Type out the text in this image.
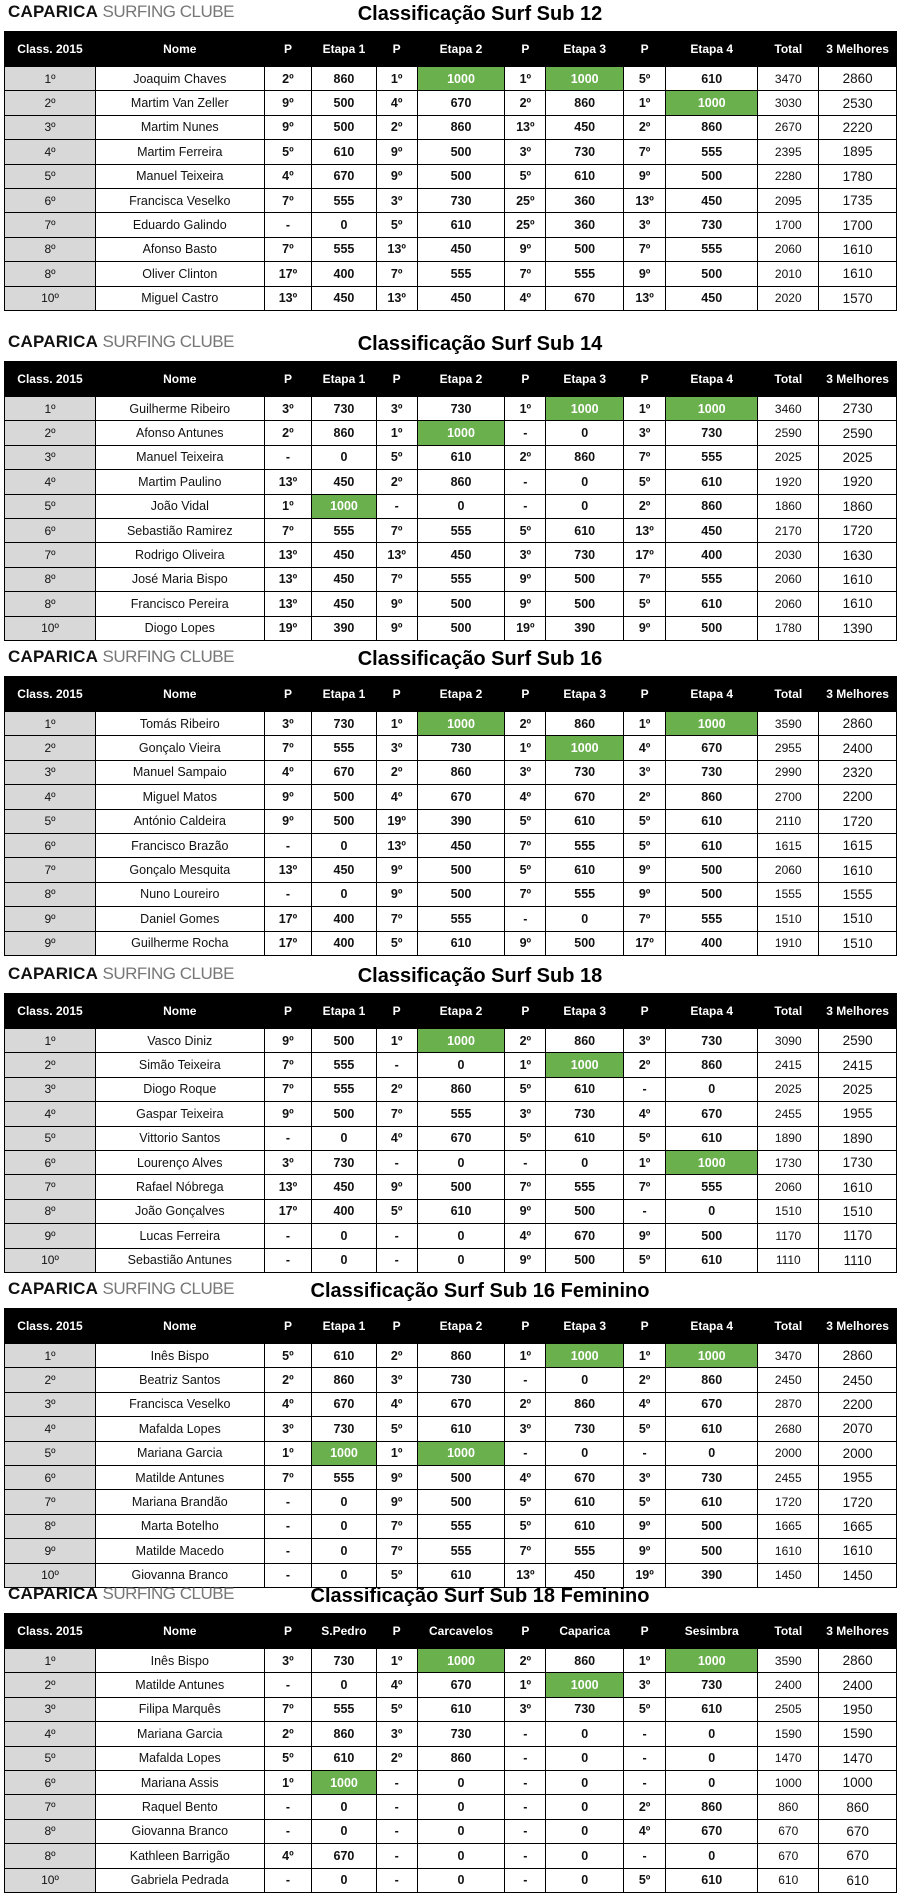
CAPARICA SURFING CLUBE	Classificação Surf Sub 12
Class. 2015	Nome	P	Etapa 1	P	Etapa 2	P	Etapa 3	P	Etapa 4	Total	3 Melhores
1º	Joaquim Chaves	2º	860	1º	1000	1º	1000	5º	610	3470	2860
2º	Martim Van Zeller	9º	500	4º	670	2º	860	1º	1000	3030	2530
3º	Martim Nunes	9º	500	2º	860	13º	450	2º	860	2670	2220
4º	Martim Ferreira	5º	610	9º	500	3º	730	7º	555	2395	1895
5º	Manuel Teixeira	4º	670	9º	500	5º	610	9º	500	2280	1780
6º	Francisca Veselko	7º	555	3º	730	25º	360	13º	450	2095	1735
7º	Eduardo Galindo	-	0	5º	610	25º	360	3º	730	1700	1700
8º	Afonso Basto	7º	555	13º	450	9º	500	7º	555	2060	1610
8º	Oliver Clinton	17º	400	7º	555	7º	555	9º	500	2010	1610
10º	Miguel Castro	13º	450	13º	450	4º	670	13º	450	2020	1570
CAPARICA SURFING CLUBE	Classificação Surf Sub 14
Class. 2015	Nome	P	Etapa 1	P	Etapa 2	P	Etapa 3	P	Etapa 4	Total	3 Melhores
1º	Guilherme Ribeiro	3º	730	3º	730	1º	1000	1º	1000	3460	2730
2º	Afonso Antunes	2º	860	1º	1000	-	0	3º	730	2590	2590
3º	Manuel Teixeira	-	0	5º	610	2º	860	7º	555	2025	2025
4º	Martim Paulino	13º	450	2º	860	-	0	5º	610	1920	1920
5º	João Vidal	1º	1000	-	0	-	0	2º	860	1860	1860
6º	Sebastião Ramirez	7º	555	7º	555	5º	610	13º	450	2170	1720
7º	Rodrigo Oliveira	13º	450	13º	450	3º	730	17º	400	2030	1630
8º	José Maria Bispo	13º	450	7º	555	9º	500	7º	555	2060	1610
8º	Francisco Pereira	13º	450	9º	500	9º	500	5º	610	2060	1610
10º	Diogo Lopes	19º	390	9º	500	19º	390	9º	500	1780	1390
CAPARICA SURFING CLUBE	Classificação Surf Sub 16
Class. 2015	Nome	P	Etapa 1	P	Etapa 2	P	Etapa 3	P	Etapa 4	Total	3 Melhores
1º	Tomás Ribeiro	3º	730	1º	1000	2º	860	1º	1000	3590	2860
2º	Gonçalo Vieira	7º	555	3º	730	1º	1000	4º	670	2955	2400
3º	Manuel Sampaio	4º	670	2º	860	3º	730	3º	730	2990	2320
4º	Miguel Matos	9º	500	4º	670	4º	670	2º	860	2700	2200
5º	António Caldeira	9º	500	19º	390	5º	610	5º	610	2110	1720
6º	Francisco Brazão	-	0	13º	450	7º	555	5º	610	1615	1615
7º	Gonçalo Mesquita	13º	450	9º	500	5º	610	9º	500	2060	1610
8º	Nuno Loureiro	-	0	9º	500	7º	555	9º	500	1555	1555
9º	Daniel Gomes	17º	400	7º	555	-	0	7º	555	1510	1510
9º	Guilherme Rocha	17º	400	5º	610	9º	500	17º	400	1910	1510
CAPARICA SURFING CLUBE	Classificação Surf Sub 18
Class. 2015	Nome	P	Etapa 1	P	Etapa 2	P	Etapa 3	P	Etapa 4	Total	3 Melhores
1º	Vasco Diniz	9º	500	1º	1000	2º	860	3º	730	3090	2590
2º	Simão Teixeira	7º	555	-	0	1º	1000	2º	860	2415	2415
3º	Diogo Roque	7º	555	2º	860	5º	610	-	0	2025	2025
4º	Gaspar Teixeira	9º	500	7º	555	3º	730	4º	670	2455	1955
5º	Vittorio Santos	-	0	4º	670	5º	610	5º	610	1890	1890
6º	Lourenço Alves	3º	730	-	0	-	0	1º	1000	1730	1730
7º	Rafael Nóbrega	13º	450	9º	500	7º	555	7º	555	2060	1610
8º	João Gonçalves	17º	400	5º	610	9º	500	-	0	1510	1510
9º	Lucas Ferreira	-	0	-	0	4º	670	9º	500	1170	1170
10º	Sebastião Antunes	-	0	-	0	9º	500	5º	610	1110	1110
CAPARICA SURFING CLUBE	Classificação Surf Sub 16 Feminino
Class. 2015	Nome	P	Etapa 1	P	Etapa 2	P	Etapa 3	P	Etapa 4	Total	3 Melhores
1º	Inês Bispo	5º	610	2º	860	1º	1000	1º	1000	3470	2860
2º	Beatriz Santos	2º	860	3º	730	-	0	2º	860	2450	2450
3º	Francisca Veselko	4º	670	4º	670	2º	860	4º	670	2870	2200
4º	Mafalda Lopes	3º	730	5º	610	3º	730	5º	610	2680	2070
5º	Mariana Garcia	1º	1000	1º	1000	-	0	-	0	2000	2000
6º	Matilde Antunes	7º	555	9º	500	4º	670	3º	730	2455	1955
7º	Mariana Brandão	-	0	9º	500	5º	610	5º	610	1720	1720
8º	Marta Botelho	-	0	7º	555	5º	610	9º	500	1665	1665
9º	Matilde Macedo	-	0	7º	555	7º	555	9º	500	1610	1610
10º	Giovanna Branco	-	0	5º	610	13º	450	19º	390	1450	1450
CAPARICA SURFING CLUBE	Classificação Surf Sub 18 Feminino
Class. 2015	Nome	P	S.Pedro	P	Carcavelos	P	Caparica	P	Sesimbra	Total	3 Melhores
1º	Inês Bispo	3º	730	1º	1000	2º	860	1º	1000	3590	2860
2º	Matilde Antunes	-	0	4º	670	1º	1000	3º	730	2400	2400
3º	Filipa Marquês	7º	555	5º	610	3º	730	5º	610	2505	1950
4º	Mariana Garcia	2º	860	3º	730	-	0	-	0	1590	1590
5º	Mafalda Lopes	5º	610	2º	860	-	0	-	0	1470	1470
6º	Mariana Assis	1º	1000	-	0	-	0	-	0	1000	1000
7º	Raquel Bento	-	0	-	0	-	0	2º	860	860	860
8º	Giovanna Branco	-	0	-	0	-	0	4º	670	670	670
8º	Kathleen Barrigão	4º	670	-	0	-	0	-	0	670	670
10º	Gabriela Pedrada	-	0	-	0	-	0	5º	610	610	610
